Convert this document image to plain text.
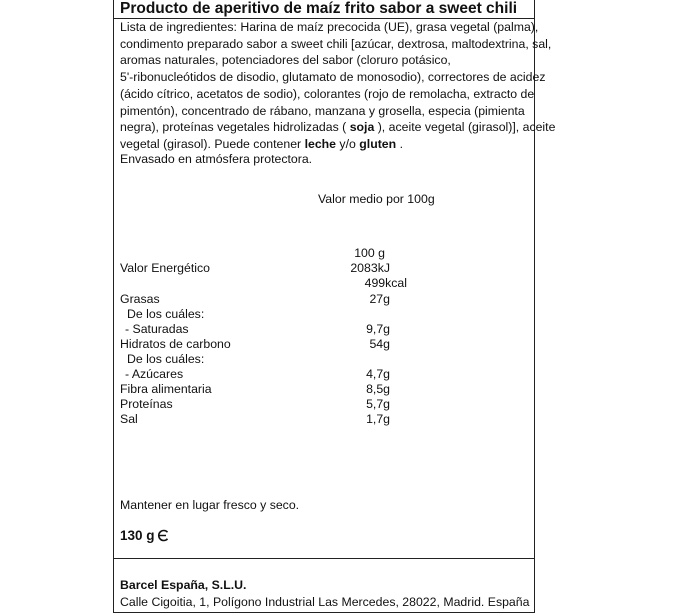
Producto de aperitivo de maíz frito sabor a sweet chili
Lista de ingredientes: Harina de maíz precocida (UE), grasa vegetal (palma),
condimento preparado sabor a sweet chili [azúcar, dextrosa, maltodextrina, sal,
aromas naturales, potenciadores del sabor (cloruro potásico,
5'-ribonucleótidos de disodio, glutamato de monosodio), correctores de acidez
(ácido cítrico, acetatos de sodio), colorantes (rojo de remolacha, extracto de
pimentón), concentrado de rábano, manzana y grosella, especia (pimienta
negra), proteínas vegetales hidrolizadas ( soja ), aceite vegetal (girasol)], aceite
vegetal (girasol). Puede contener leche y/o gluten .
Envasado en atmósfera protectora.
Valor medio por 100g
100 g
Valor Energético	2083kJ
499kcal
Grasas	27g
De los cuáles:
- Saturadas	9,7g
Hidratos de carbono	54g
De los cuáles:
- Azúcares	4,7g
Fibra alimentaria	8,5g
Proteínas	5,7g
Sal	1,7g
Mantener en lugar fresco y seco.
130 g
Barcel España, S.L.U.
Calle Cigoitia, 1, Polígono Industrial Las Mercedes, 28022, Madrid. España
